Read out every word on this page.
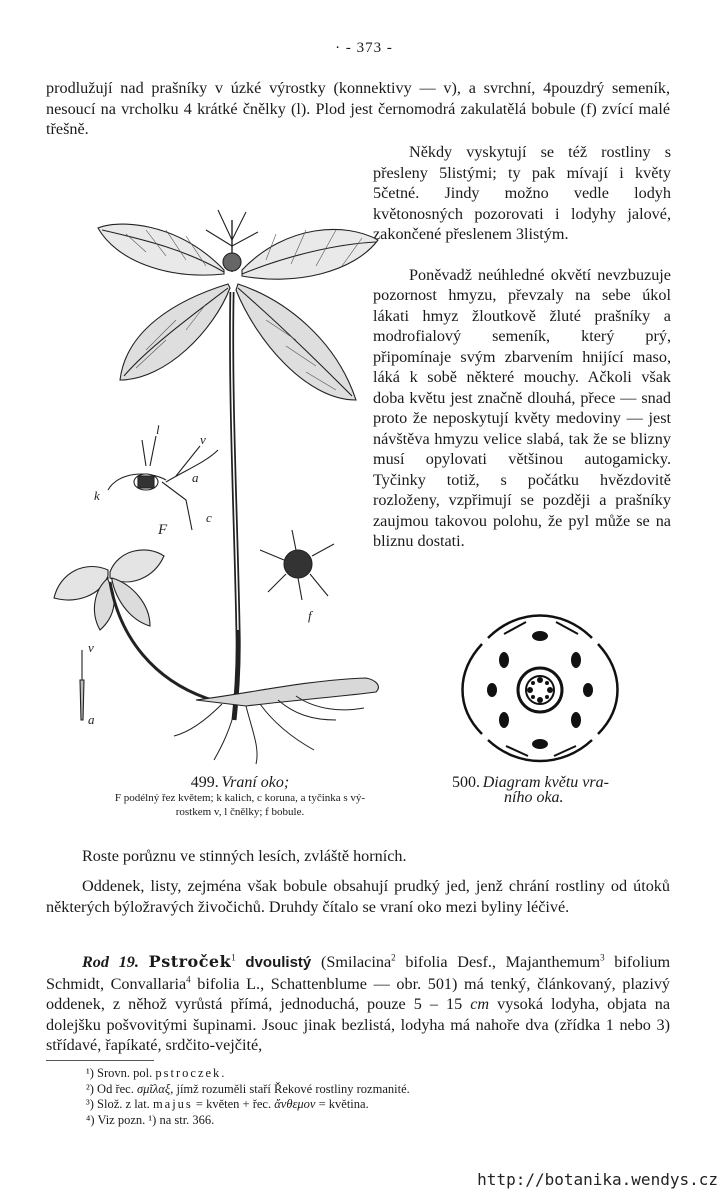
· - 373 -

prodlužují nad prašníky v úzké výrostky (konnektivy — v), a svrchní, 4pouzdrý semeník, nesoucí na vrcholku 4 krátké čnělky (l). Plod jest černomodrá zakulatělá bobule (f) zvící malé třešně.

Někdy vyskytují se též rostliny s přesleny 5listými; ty pak mívají i květy 5četné. Jindy možno vedle lodyh květonosných pozorovati i lodyhy jalové, zakončené přeslenem 3listým.

Poněvadž neúhledné okvětí nevzbuzuje pozornost hmyzu, převzaly na sebe úkol lákati hmyz žloutkově žluté prašníky a modrofialový semeník, který prý, připomínaje svým zbarvením hnijící maso, láká k sobě některé mouchy. Ačkoli však doba květu jest značně dlouhá, přece — snad proto že neposkytují květy medoviny — jest návštěva hmyzu velice slabá, tak že se blizny musí opylovati většinou autogamicky. Tyčinky totiž, s počátku hvězdovitě rozloženy, vzpřimují se později a prašníky zaujmou takovou polohu, že pyl může se na bliznu dostati.

l
v
a
k
F
c
f
v
a
499. Vraní oko;
F podélný řez květem; k kalich, c koruna, a tyčinka s vý-
rostkem v, l čnělky; f bobule.
500. Diagram květu vra-
ního oka.

Roste porůznu ve stinných lesích, zvláště horních.

Oddenek, listy, zejména však bobule obsahují prudký jed, jenž chrání rostliny od útoků některých býložravých živočichů. Druhdy čítalo se vraní oko mezi byliny léčivé.

Rod 19. Pstroček$^1$ dvoulistý (Smilacina$^2$ bifolia Desf., Majanthemum$^3$ bifolium Schmidt, Convallaria$^4$ bifolia L., Schattenblume — obr. 501) má tenký, článkovaný, plazivý oddenek, z něhož vyrůstá přímá, jednoduchá, pouze 5 – 15 cm vysoká lodyha, objata na dolejšku pošvovitými šupinami. Jsouc jinak bezlistá, lodyha má nahoře dva (zřídka 1 nebo 3) střídavé, řapíkaté, srdčito-vejčité,

¹) Srovn. pol. pstroczek.
²) Od řec. σμῖλαξ, jímž rozuměli staří Řekové rostliny rozmanité.
³) Slož. z lat. majus = květen + řec. ἄνθεμον = květina.
⁴) Viz pozn. ¹) na str. 366.
http://botanika.wendys.cz
